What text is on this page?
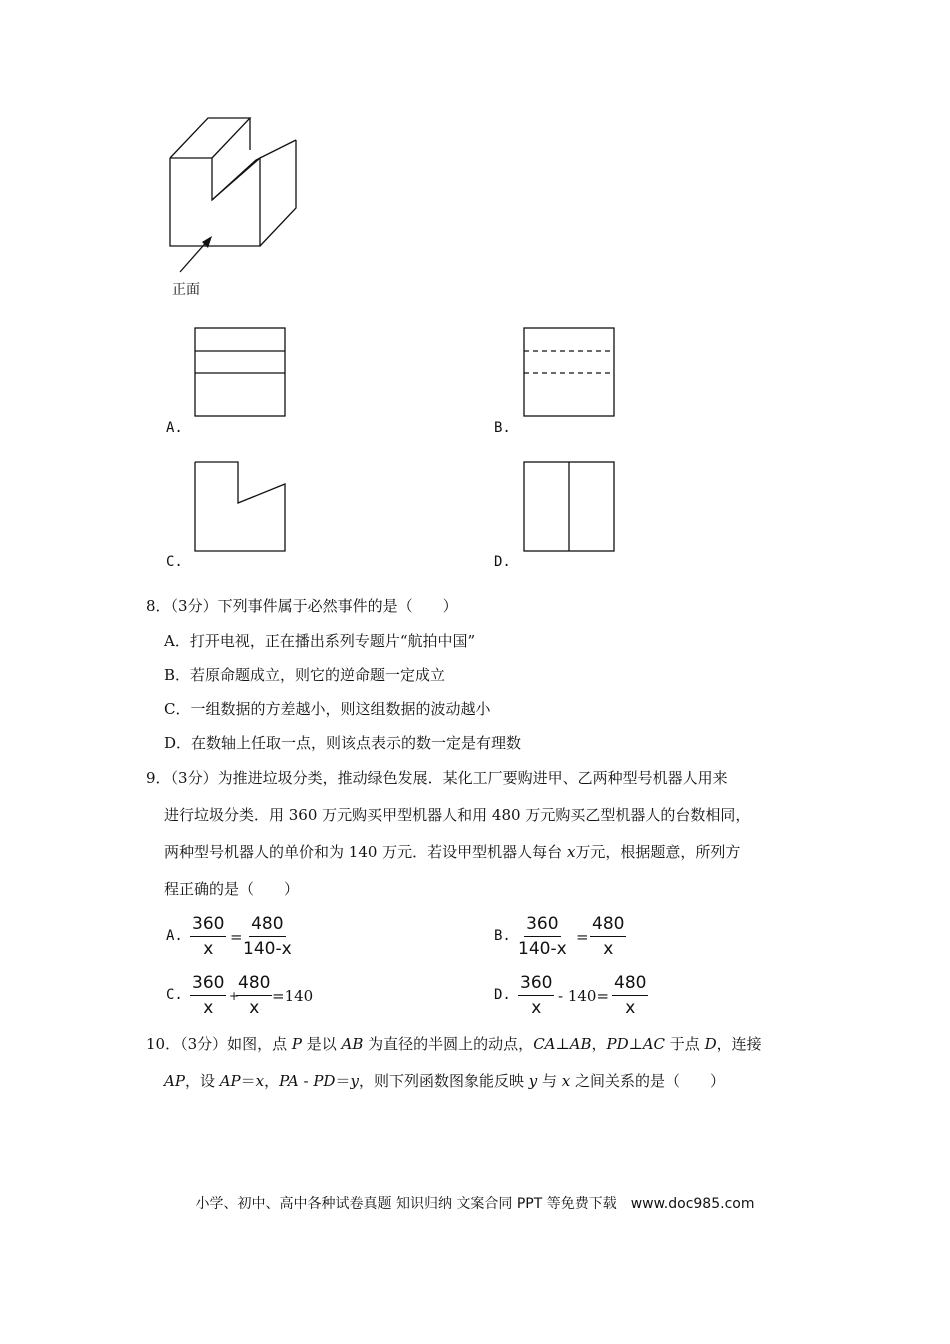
正面
A.	B.
C.	D.
8．（3分）下列事件属于必然事件的是（　　）
A．打开电视，正在播出系列专题片“航拍中国”
B．若原命题成立，则它的逆命题一定成立
C．一组数据的方差越小，则这组数据的波动越小
D．在数轴上任取一点，则该点表示的数一定是有理数
9．（3分）为推进垃圾分类，推动绿色发展．某化工厂要购进甲、乙两种型号机器人用来
进行垃圾分类．用 360 万元购买甲型机器人和用 480 万元购买乙型机器人的台数相同，
两种型号机器人的单价和为 140 万元．若设甲型机器人每台 x万元，根据题意，所列方
程正确的是（　　）
A. $\frac{360}{x} = \frac{480}{140-x}$	B. $\frac{360}{140-x} = \frac{480}{x}$
C. $\frac{360}{x}$ +
$\frac{480}{x} =140$	D. $\frac{360}{x} - 140= \frac{480}{x}$
10．（3分）如图，点 P 是以 AB 为直径的半圆上的动点，CA⊥AB，PD⊥AC 于点 D，连接
AP，设 AP＝x，PA - PD＝y，则下列函数图象能反映 y 与 x 之间关系的是（　　）
小学、初中、高中各种试卷真题 知识归纳 文案合同 PPT 等免费下载　www.doc985.com
